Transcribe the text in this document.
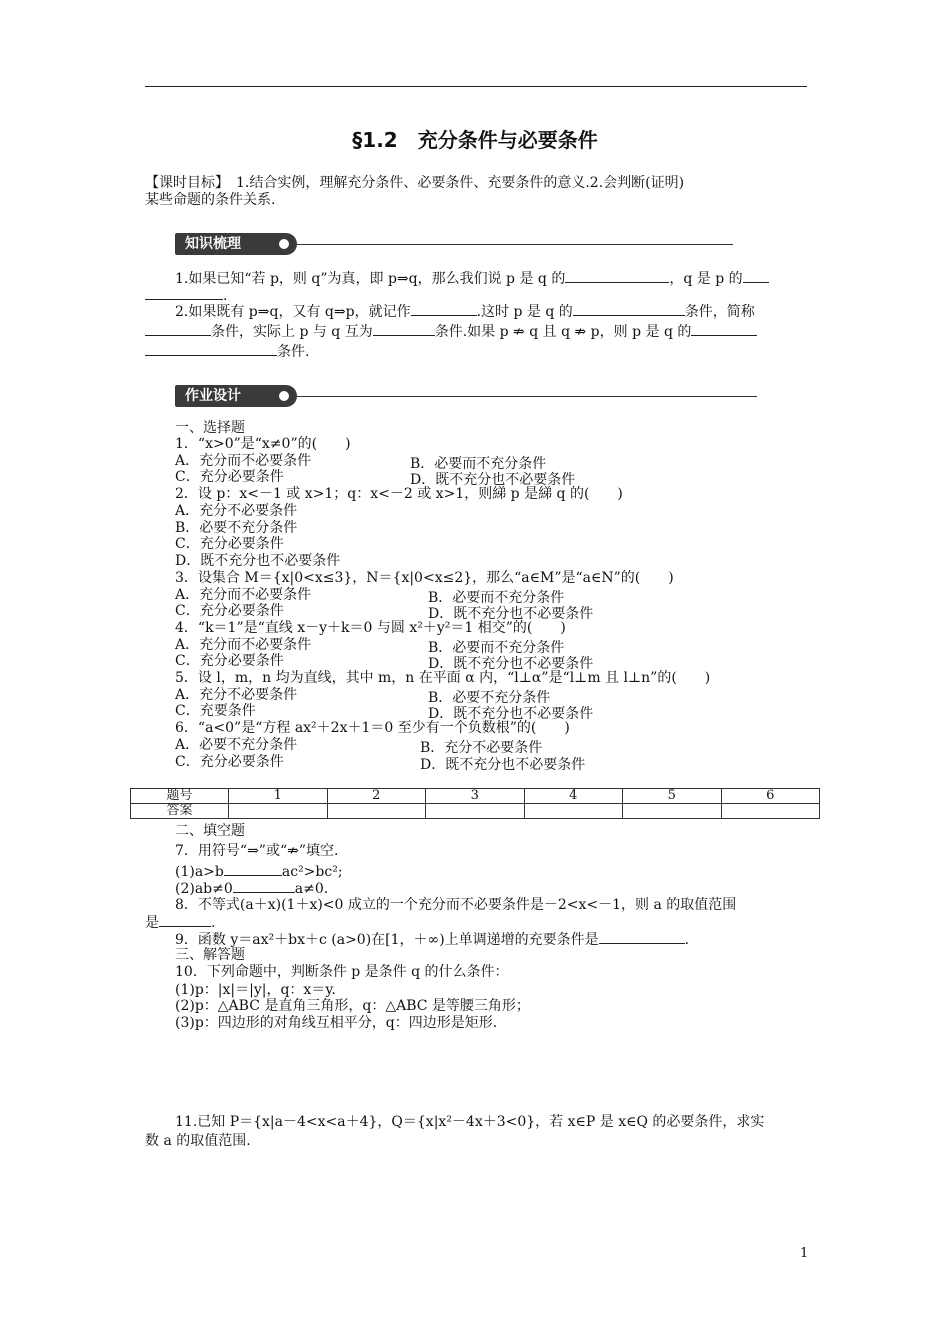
§1.2　充分条件与必要条件
【课时目标】　1.结合实例，理解充分条件、必要条件、充要条件的意义.2.会判断(证明)
某些命题的条件关系.
知识梳理
1.如果已知“若 p，则 q”为真，即 p⇒q，那么我们说 p 是 q 的	，q 是 p 的
.
2.如果既有 p⇒q，又有 q⇒p，就记作	.这时 p 是 q 的	条件，简称
条件，实际上 p 与 q 互为	条件.如果 p ⇏ q 且 q ⇏ p，则 p 是 q 的
条件.
作业设计
一、选择题
1．“x>0”是“x≠0”的(　　)
A．充分而不必要条件	B．必要而不充分条件
C．充分必要条件	D．既不充分也不必要条件
2．设 p：x<－1 或 x>1；q：x<－2 或 x>1，则綈 p 是綈 q 的(　　)
A．充分不必要条件
B．必要不充分条件
C．充分必要条件
D．既不充分也不必要条件
3．设集合 M＝{x|0<x≤3}，N＝{x|0<x≤2}，那么“a∈M”是“a∈N”的(　　)
A．充分而不必要条件	B．必要而不充分条件
C．充分必要条件	D．既不充分也不必要条件
4．“k＝1”是“直线 x－y＋k＝0 与圆 x²＋y²＝1 相交”的(　　)
A．充分而不必要条件	B．必要而不充分条件
C．充分必要条件	D．既不充分也不必要条件
5．设 l，m，n 均为直线，其中 m，n 在平面 α 内，“l⊥α”是“l⊥m 且 l⊥n”的(　　)
A．充分不必要条件	B．必要不充分条件
C．充要条件	D．既不充分也不必要条件
6．“a<0”是“方程 ax²＋2x＋1＝0 至少有一个负数根”的(　　)
A．必要不充分条件	B．充分不必要条件
C．充分必要条件	D．既不充分也不必要条件
题号	1	2	3	4	5	6
答案						
二、填空题
7．用符号“⇒”或“⇏”填空.
(1)a>b	ac²>bc²;
(2)ab≠0	a≠0.
8．不等式(a＋x)(1＋x)<0 成立的一个充分而不必要条件是－2<x<－1，则 a 的取值范围
是	.
9．函数 y＝ax²＋bx＋c (a>0)在[1，＋∞)上单调递增的充要条件是	.
三、解答题
10．下列命题中，判断条件 p 是条件 q 的什么条件：
(1)p：|x|＝|y|，q：x＝y.
(2)p：△ABC 是直角三角形，q：△ABC 是等腰三角形；
(3)p：四边形的对角线互相平分，q：四边形是矩形.
11.已知 P＝{x|a－4<x<a＋4}，Q＝{x|x²－4x＋3<0}，若 x∈P 是 x∈Q 的必要条件，求实
数 a 的取值范围.
1
